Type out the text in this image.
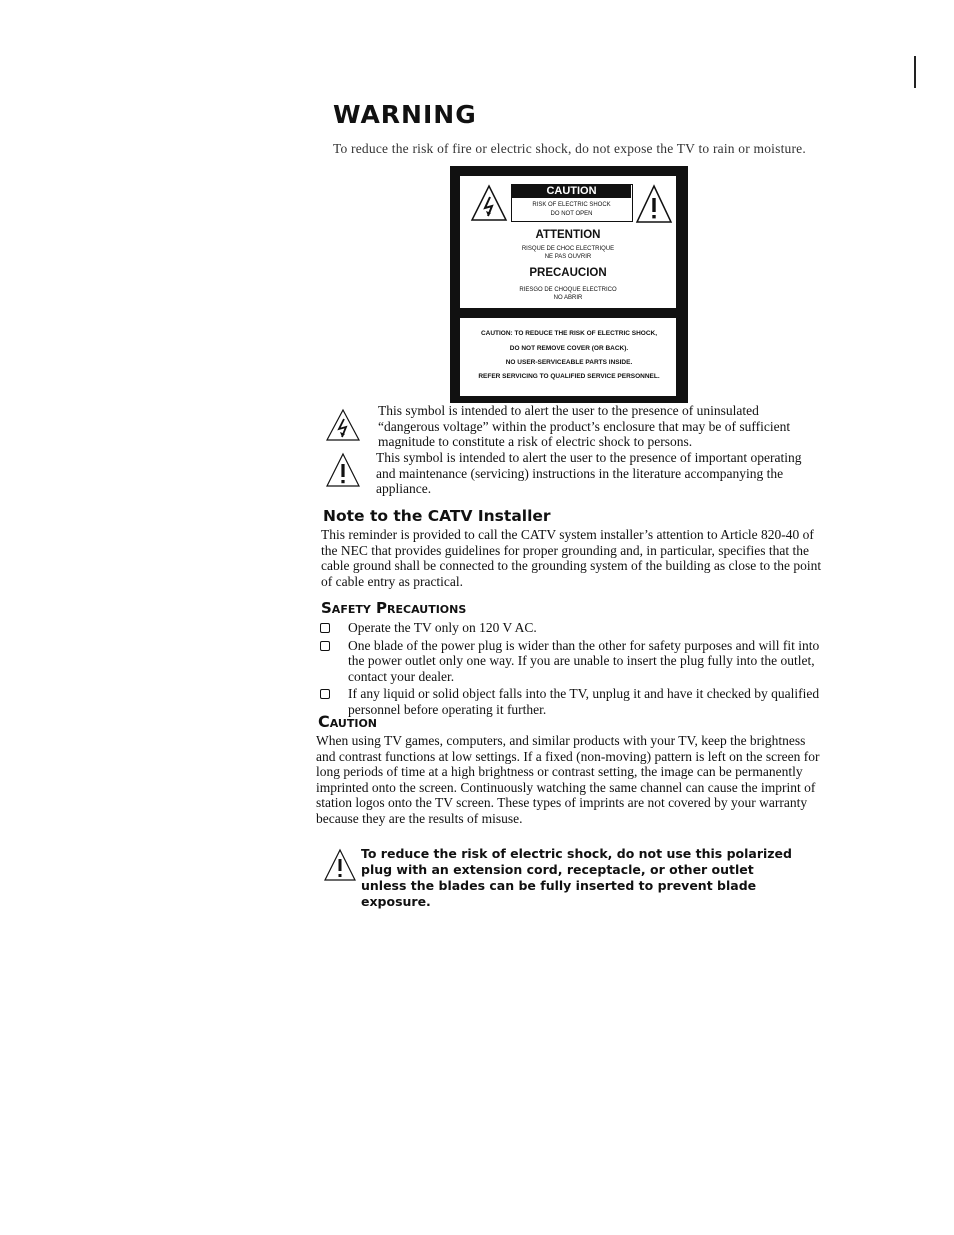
WARNING
To reduce the risk of fire or electric shock, do not expose the TV to rain or moisture.
CAUTION
RISK OF ELECTRIC SHOCK
DO NOT OPEN
ATTENTION
RISQUE DE CHOC ELECTRIQUE
NE PAS OUVRIR
PRECAUCION
RIESGO DE CHOQUE ELECTRICO
NO ABRIR
CAUTION: TO REDUCE THE RISK OF ELECTRIC SHOCK,
DO NOT REMOVE COVER (OR BACK).
NO USER-SERVICEABLE PARTS INSIDE.
REFER SERVICING TO QUALIFIED SERVICE PERSONNEL.
This symbol is intended to alert the user to the presence of uninsulated “dangerous voltage” within the product’s enclosure that may be of sufficient magnitude to constitute a risk of electric shock to persons.
This symbol is intended to alert the user to the presence of important operating and maintenance (servicing) instructions in the literature accompanying the appliance.
Note to the CATV Installer
This reminder is provided to call the CATV system installer’s attention to Article 820-40 of the NEC that provides guidelines for proper grounding and, in particular, specifies that the cable ground shall be connected to the grounding system of the building as close to the point of cable entry as practical.
Safety Precautions
Operate the TV only on 120 V AC.
One blade of the power plug is wider than the other for safety purposes and will fit into the power outlet only one way. If you are unable to insert the plug fully into the outlet, contact your dealer.
If any liquid or solid object falls into the TV, unplug it and have it checked by qualified personnel before operating it further.
Caution
When using TV games, computers, and similar products with your TV, keep the brightness and contrast functions at low settings. If a fixed (non-moving) pattern is left on the screen for long periods of time at a high brightness or contrast setting, the image can be permanently imprinted onto the screen. Continuously watching the same channel can cause the imprint of station logos onto the TV screen. These types of imprints are not covered by your warranty because they are the results of misuse.
To reduce the risk of electric shock, do not use this polarized plug with an extension cord, receptacle, or other outlet unless the blades can be fully inserted to prevent blade exposure.
